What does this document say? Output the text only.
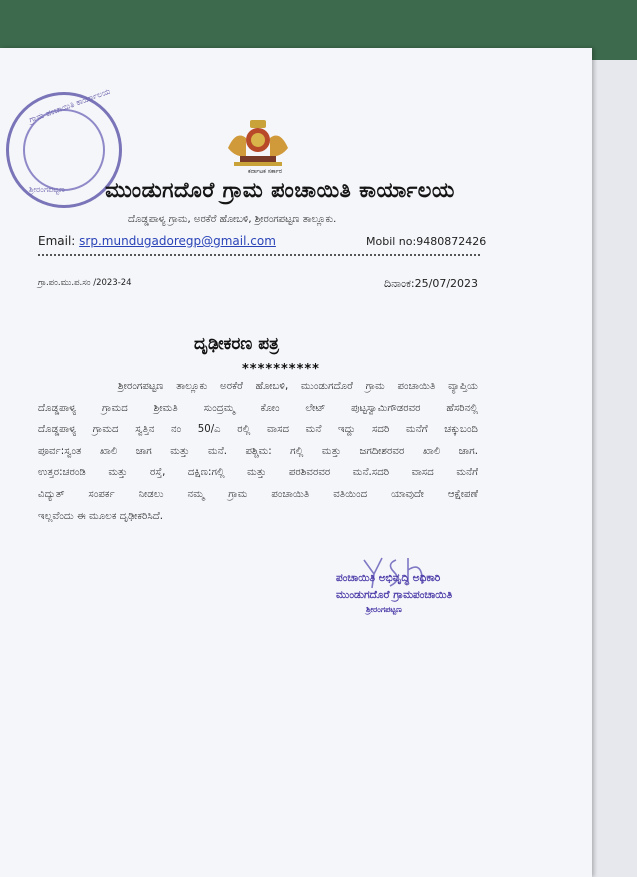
ಗ್ರಾಮ ಪಂಚಾಯಿತಿ ಕಾರ್ಯಾಲಯ
ಶ್ರೀರಂಗಪಟ್ಟಣ
ಕರ್ನಾಟಕ ಸರ್ಕಾರ
ಮುಂಡುಗದೊರೆ ಗ್ರಾಮ ಪಂಚಾಯಿತಿ ಕಾರ್ಯಾಲಯ
ದೊಡ್ಡಪಾಳ್ಯ ಗ್ರಾಮ, ಅರಕೆರೆ ಹೋಬಳಿ, ಶ್ರೀರಂಗಪಟ್ಟಣ ತಾಲ್ಲೂಕು.
Email: srp.mundugadoregp@gmail.com	Mobil no:9480872426
ಗ್ರಾ.ಪಂ.ಮು.ಪ.ಸಂ /2023-24	ದಿನಾಂಕ:25/07/2023
ದೃಢೀಕರಣ ಪತ್ರ
**********
ಶ್ರೀರಂಗಪಟ್ಟಣ ತಾಲ್ಲೂಕು ಅರಕೆರೆ ಹೋಬಳಿ, ಮುಂಡುಗದೊರೆ ಗ್ರಾಮ ಪಂಚಾಯಿತಿ ವ್ಯಾಪ್ತಿಯ
ದೊಡ್ಡಪಾಳ್ಯ ಗ್ರಾಮದ ಶ್ರೀಮತಿ ಸುಂದ್ರಮ್ಮ ಕೋಂ ಲೇಟ್ ಪುಟ್ಟಸ್ವಾಮಿಗೌಡರವರ ಹೆಸರಿನಲ್ಲಿ
ದೊಡ್ಡಪಾಳ್ಯ ಗ್ರಾಮದ ಸ್ವತ್ತಿನ ನಂ 50/ಎ ರಲ್ಲಿ ವಾಸದ ಮನೆ ಇದ್ದು ಸದರಿ ಮನೆಗೆ ಚಕ್ಕುಬಂದಿ
ಪೂರ್ವ:ಸ್ವಂತ ಖಾಲಿ ಜಾಗ ಮತ್ತು ಮನೆ. ಪಶ್ಚಿಮ: ಗಲ್ಲಿ ಮತ್ತು ಜಗದೀಶರವರ ಖಾಲಿ ಜಾಗ.
ಉತ್ತರ:ಚರಂಡಿ ಮತ್ತು ರಸ್ತೆ, ದಕ್ಷಿಣ:ಗಲ್ಲಿ ಮತ್ತು ಪರಶಿವರವರ ಮನೆ.ಸದರಿ ವಾಸದ ಮನೆಗೆ
ವಿದ್ಯುತ್ ಸಂಪರ್ಕ ನೀಡಲು ನಮ್ಮ ಗ್ರಾಮ ಪಂಚಾಯಿತಿ ವತಿಯಿಂದ ಯಾವುದೇ ಆಕ್ಷೇಪಣೆ
ಇಲ್ಲವೆಂದು ಈ ಮೂಲಕ ದೃಢೀಕರಿಸಿದೆ.
ಪಂಚಾಯಿತಿ ಅಭಿವೃದ್ಧಿ ಅಧಿಕಾರಿ
ಮುಂಡುಗದೊರೆ ಗ್ರಾಮಪಂಚಾಯಿತಿ
ಶ್ರೀರಂಗಪಟ್ಟಣ
